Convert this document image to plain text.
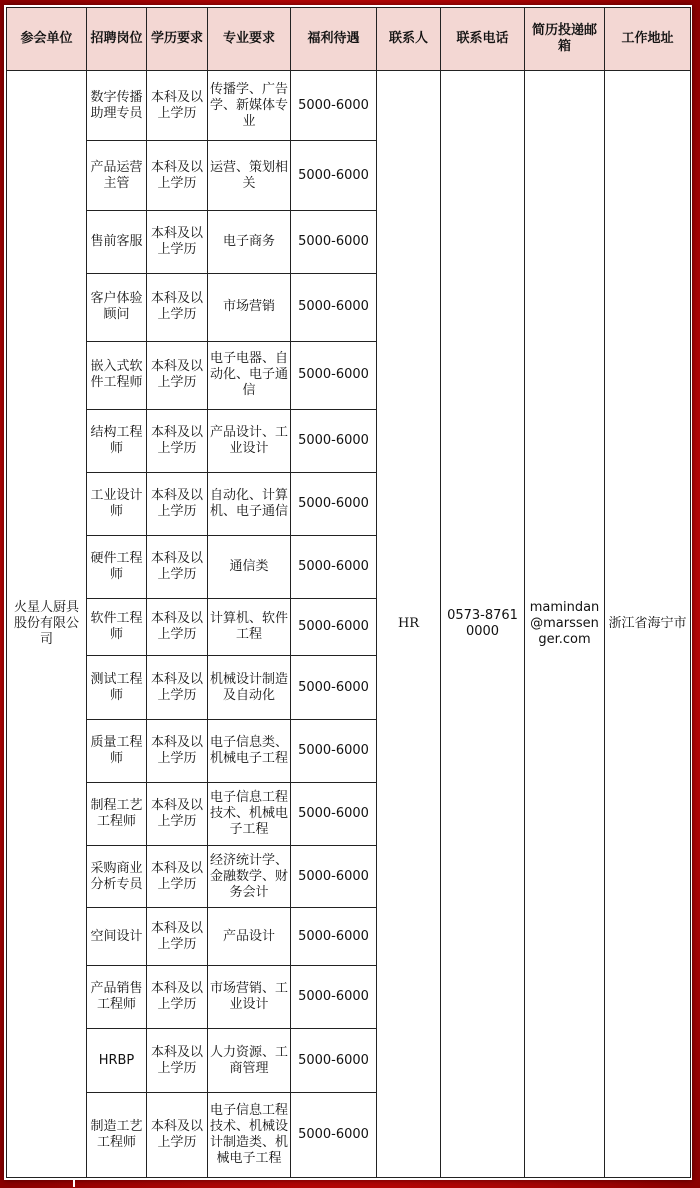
参会单位	招聘岗位	学历要求	专业要求	福利待遇	联系人	联系电话	简历投递邮箱	工作地址
火星人厨具股份有限公司	数字传播助理专员	本科及以上学历	传播学、广告学、新媒体专业	5000-6000	HR	0573-87610000	mamindan@marssenger.com	浙江省海宁市
	产品运营主管	本科及以上学历	运营、策划相关	5000-6000				
	售前客服	本科及以上学历	电子商务	5000-6000				
	客户体验顾问	本科及以上学历	市场营销	5000-6000				
	嵌入式软件工程师	本科及以上学历	电子电器、自动化、电子通信	5000-6000				
	结构工程师	本科及以上学历	产品设计、工业设计	5000-6000				
	工业设计师	本科及以上学历	自动化、计算机、电子通信	5000-6000				
	硬件工程师	本科及以上学历	通信类	5000-6000				
	软件工程师	本科及以上学历	计算机、软件工程	5000-6000				
	测试工程师	本科及以上学历	机械设计制造及自动化	5000-6000				
	质量工程师	本科及以上学历	电子信息类、机械电子工程	5000-6000				
	制程工艺工程师	本科及以上学历	电子信息工程技术、机械电子工程	5000-6000				
	采购商业分析专员	本科及以上学历	经济统计学、金融数学、财务会计	5000-6000				
	空间设计	本科及以上学历	产品设计	5000-6000				
	产品销售工程师	本科及以上学历	市场营销、工业设计	5000-6000				
	HRBP	本科及以上学历	人力资源、工商管理	5000-6000				
	制造工艺工程师	本科及以上学历	电子信息工程技术、机械设计制造类、机械电子工程	5000-6000				
